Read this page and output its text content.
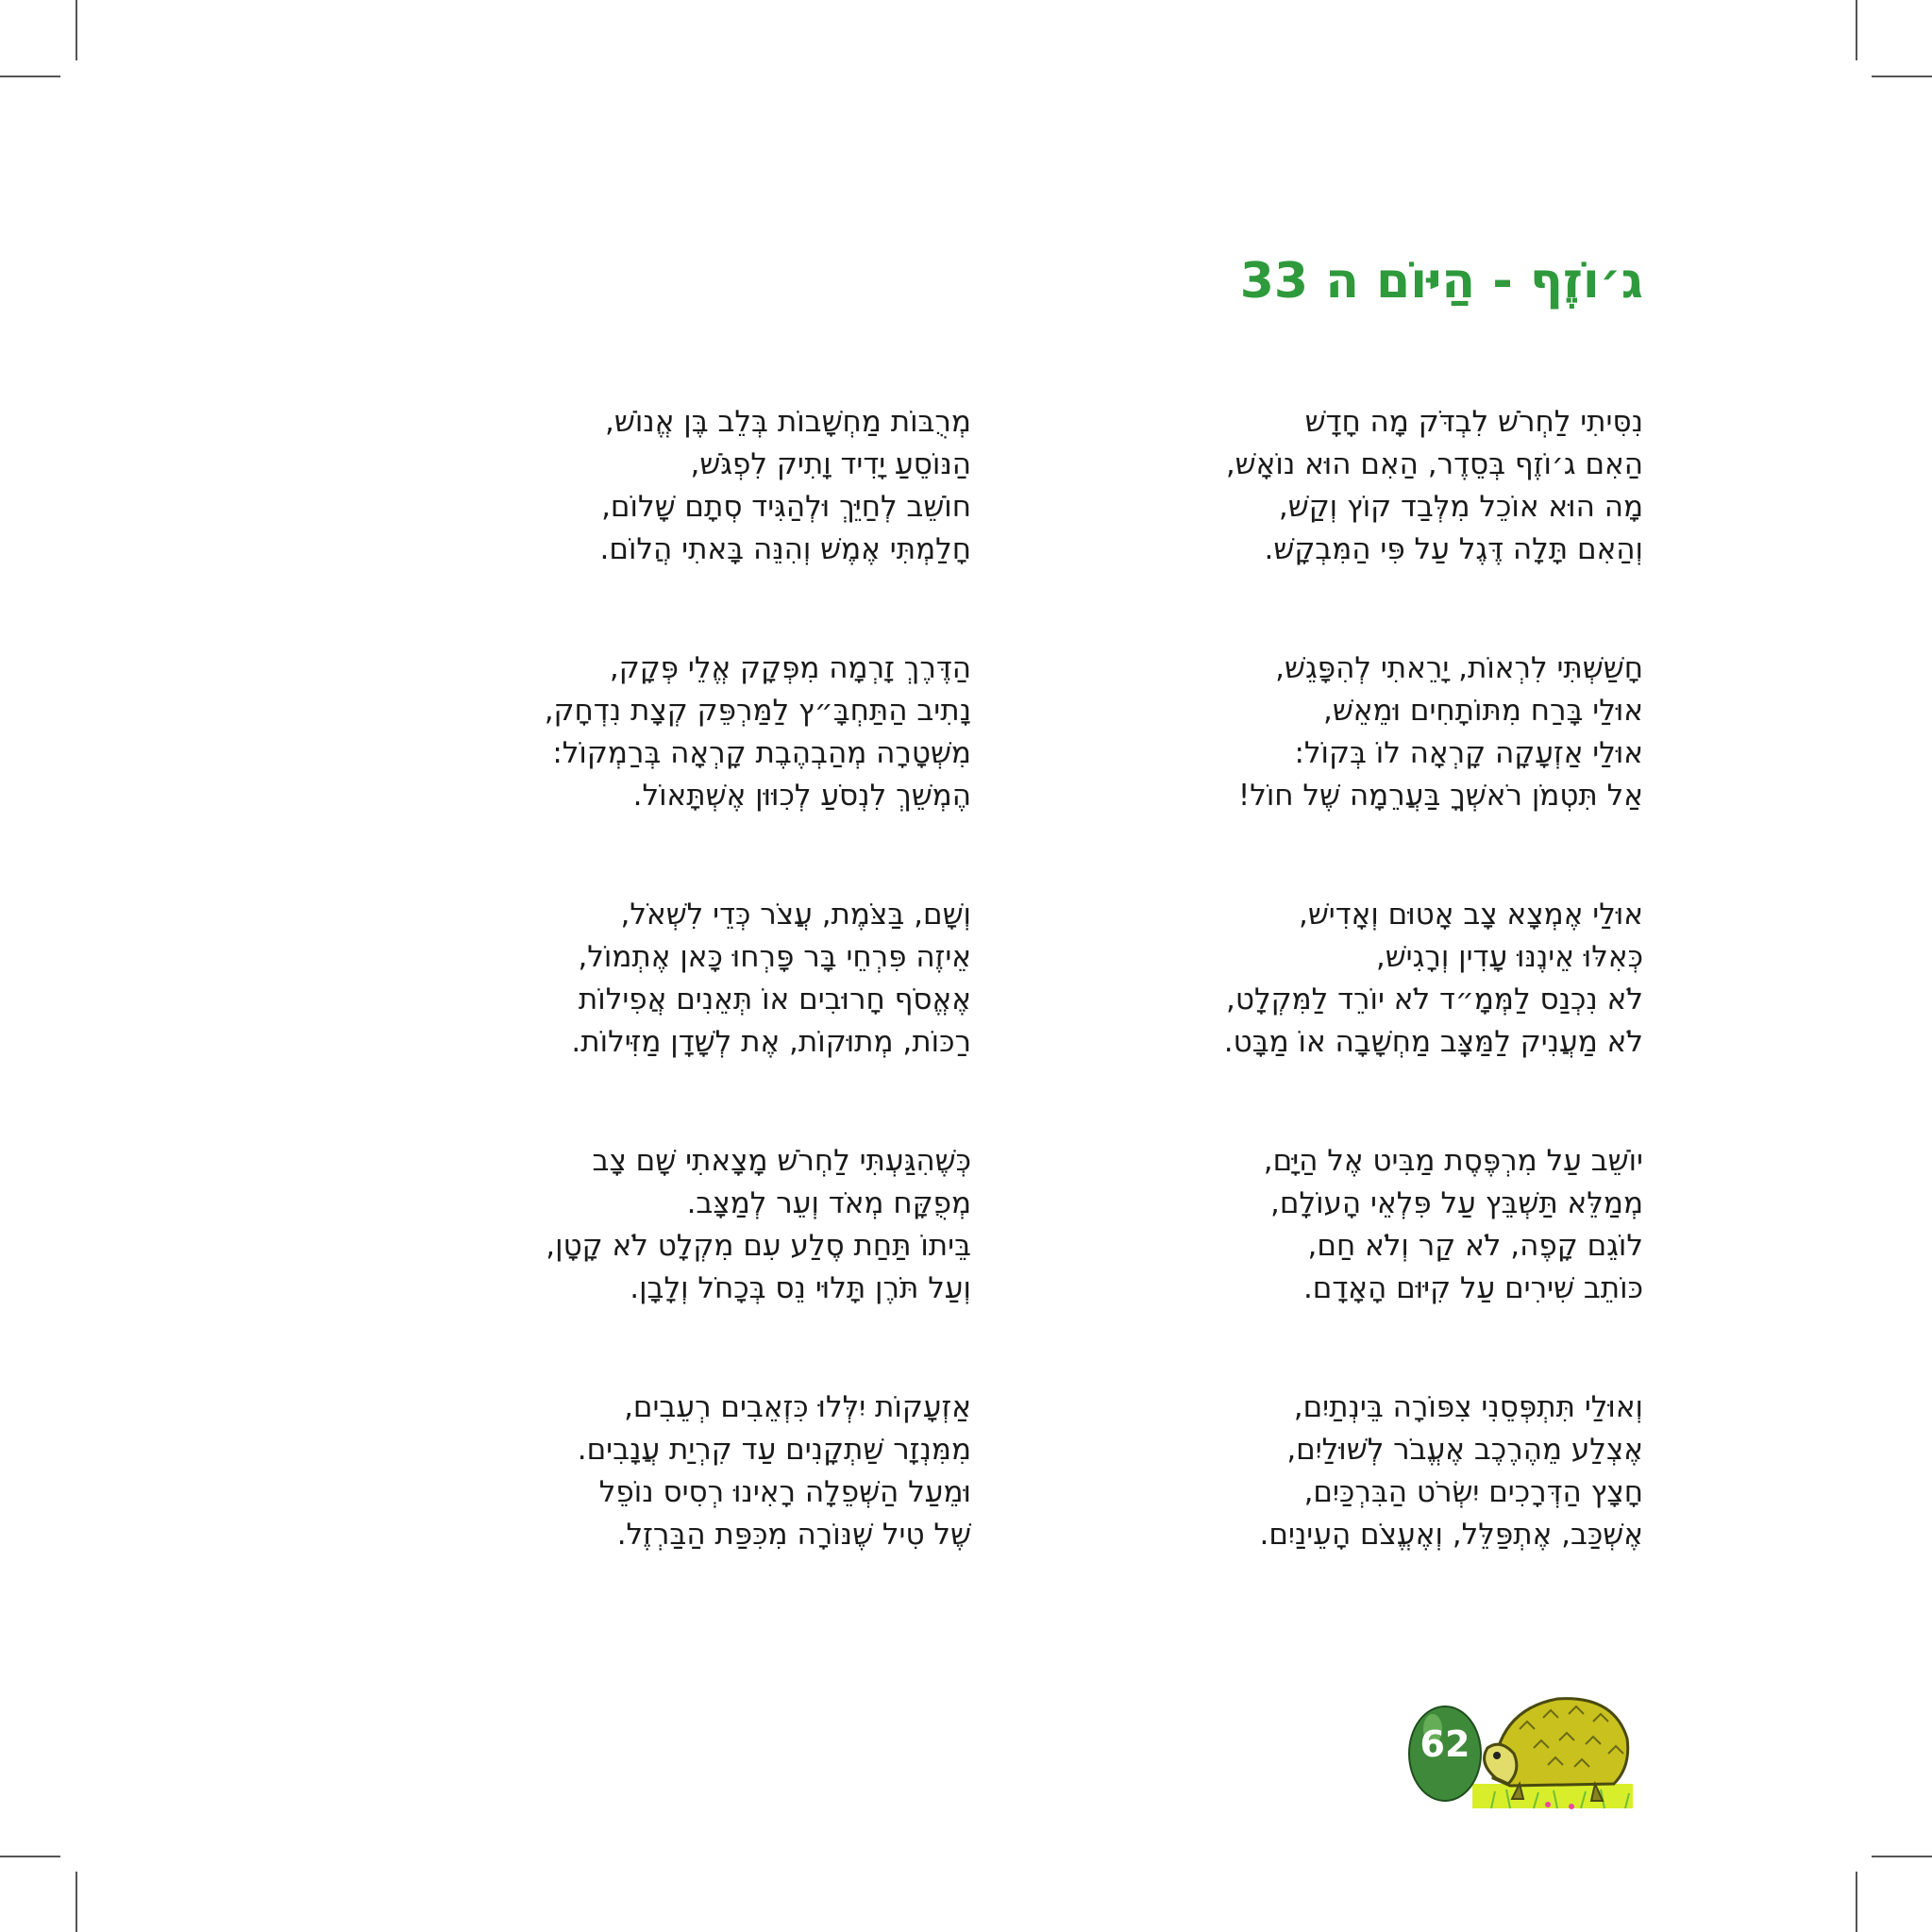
ג׳וֹזֶף - הַיּוֹם ה 33
נִסִּיתִי לַחְרֹשׁ לִבְדֹּק מָה חָדָשׁ
הַאִם ג׳וֹזֶף בְּסֵדֶר, הַאִם הוּא נוֹאָשׁ,
מָה הוּא אוֹכֵל מִלְּבַד קוֹץ וְקַשׁ,
וְהַאִם תָּלָה דֶּגֶל עַל פִּי הַמִּבְקָשׁ.
חָשַׁשְׁתִּי לִרְאוֹת, יָרֵאתִי לְהִפָּגֵשׁ,
אוּלַי בָּרַח מִתּוֹתָחִים וּמֵאֵשׁ,
אוּלַי אַזְעָקָה קָרְאָה לוֹ בְּקוֹל:
אַל תִּטְמֹן רֹאשְׁךָ בַּעֲרֵמָה שֶׁל חוֹל!
אוּלַי אֶמְצָא צָב אָטוּם וְאָדִישׁ,
כְּאִלּוּ אֵינֶנּוּ עָדִין וְרָגִישׁ,
לֹא נִכְנַס לַמְּמָ״ד לֹא יוֹרֵד לַמִּקְלָט,
לֹא מַעֲנִיק לַמַּצָּב מַחְשָׁבָה אוֹ מַבָּט.
יוֹשֵׁב עַל מִרְפֶּסֶת מַבִּיט אֶל הַיָּם,
מְמַלֵּא תַּשְׁבֵּץ עַל פִּלְאֵי הָעוֹלָם,
לוֹגֵם קָפֶה, לֹא קַר וְלֹא חַם,
כּוֹתֵב שִׁירִים עַל קִיּוּם הָאָדָם.
וְאוּלַי תִּתְפְּסֵנִי צִפּוֹרָה בֵּינְתַיִם,
אֶצְלַע מֵהֶרֶכֶב אֶעֱבֹר לְשׁוּלַיִם,
חָצָץ הַדְּרָכִים יִשְׂרֹט הַבִּרְכַּיִם,
אֶשְׁכַּב, אֶתְפַּלֵּל, וְאֶעֱצֹם הָעֵינַיִם.
מְרֻבּוֹת מַחְשָׁבוֹת בְּלֵב בֶּן אֱנוֹשׁ,
הַנּוֹסֵעַ יָדִיד וָתִיק לִפְגֹּשׁ,
חוֹשֵׁב לְחַיֵּךְ וּלְהַגִּיד סְתָם שָׁלוֹם,
חָלַמְתִּי אֶמֶשׁ וְהִנֵּה בָּאתִי הֲלוֹם.
הַדֶּרֶךְ זָרְמָה מִפְּקָק אֱלֵי פְּקָק,
נָתִיב הַתַּחְבָּ״ץ לַמַּרְפֵּק קְצָת נִדְחָק,
מִשְׁטָרָה מְהַבְהֶבֶת קָרְאָה בְּרַמְקוֹל:
הֶמְשֵׁךְ לִנְסֹעַ לְכִוּוּן אֶשְׁתָּאוֹל.
וְשָׁם, בַּצֹּמֶת, עֲצֹר כְּדֵי לִשְׁאֹל,
אֵיזֶה פִּרְחֵי בָּר פָּרְחוּ כָּאן אֶתְמוֹל,
אֶאֱסֹף חָרוּבִים אוֹ תְּאֵנִים אֲפִילוֹת
רַכּוֹת, מְתוּקוֹת, אֶת לְשָׁדָן מַזִּילוֹת.
כְּשֶׁהִגַּעְתִּי לַחְרֹשׁ מָצָאתִי שָׁם צָב
מְפֻקָּח מְאֹד וְעֵר לְמַצָּב.
בֵּיתוֹ תַּחַת סֶלַע עִם מִקְלָט לֹא קָטָן,
וְעַל תֹּרֶן תָּלוּי נֵס בְּכָחֹל וְלָבָן.
אַזְעָקוֹת יִלְּלוּ כִּזְאֵבִים רְעֵבִים,
מִמִּנְזָר שַׁתְקָנִים עַד קִרְיַת עֲנָבִים.
וּמֵעַל הַשְּׁפֵלָה רָאִינוּ רְסִיס נוֹפֵל
שֶׁל טִיל שֶׁנּוֹרָה מִכִּפַּת הַבַּרְזֶל.
62
